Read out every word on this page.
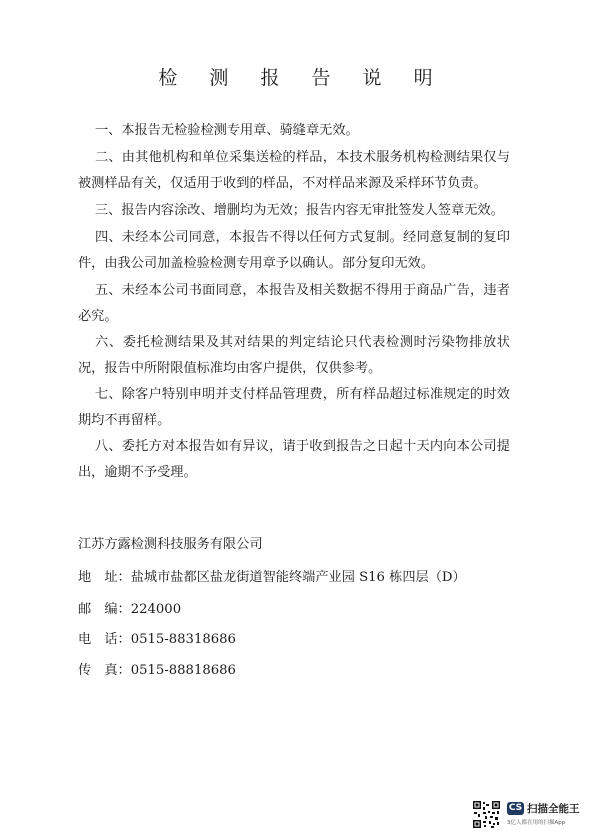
检 测 报 告 说 明

一、本报告无检验检测专用章、骑缝章无效。

二、由其他机构和单位采集送检的样品，本技术服务机构检测结果仅与被测样品有关，仅适用于收到的样品，不对样品来源及采样环节负责。

三、报告内容涂改、增删均为无效；报告内容无审批签发人签章无效。

四、未经本公司同意，本报告不得以任何方式复制。经同意复制的复印件，由我公司加盖检验检测专用章予以确认。部分复印无效。

五、未经本公司书面同意，本报告及相关数据不得用于商品广告，违者必究。

六、委托检测结果及其对结果的判定结论只代表检测时污染物排放状况，报告中所附限值标准均由客户提供，仅供参考。

七、除客户特别申明并支付样品管理费，所有样品超过标准规定的时效期均不再留样。

八、委托方对本报告如有异议，请于收到报告之日起十天内向本公司提出，逾期不予受理。

江苏方露检测科技服务有限公司
地　址：盐城市盐都区盐龙街道智能终端产业园 S16 栋四层（D）
邮　编：224000
电　话：0515-88318686
传　真：0515-88818686
CS 扫描全能王
3亿人都在用的扫描App
